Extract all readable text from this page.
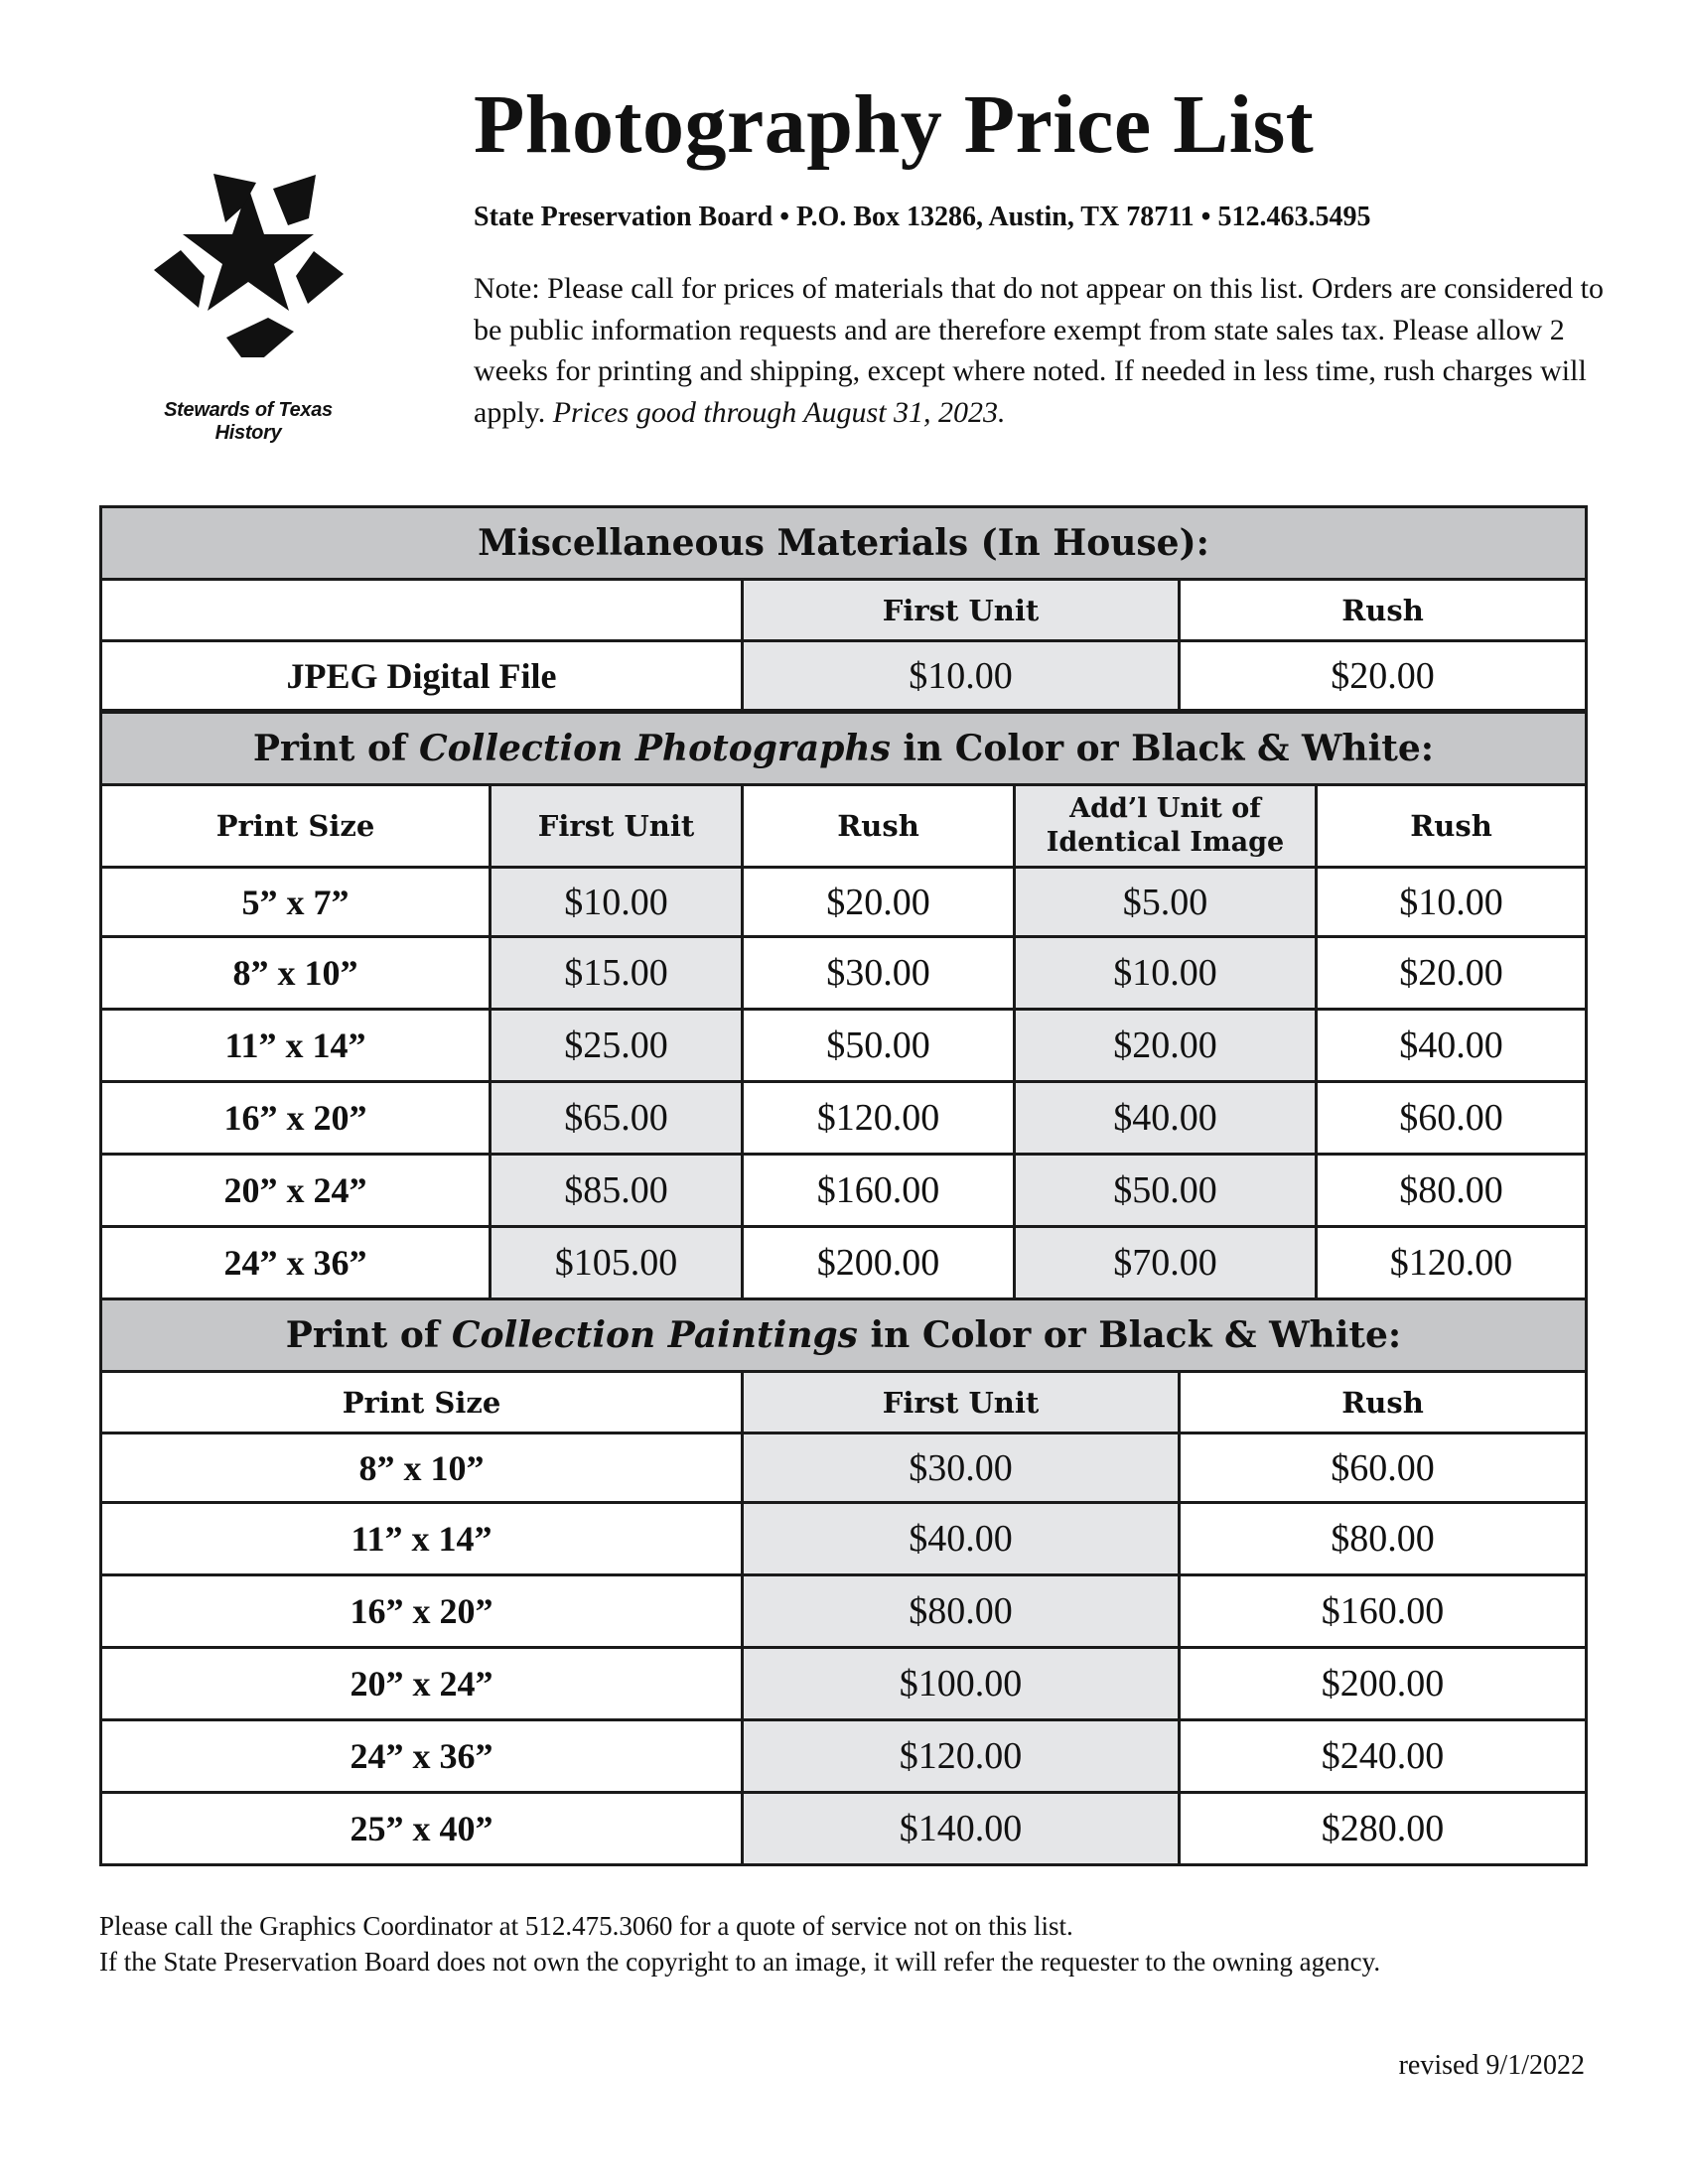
Stewards of Texas History
Photography Price List
State Preservation Board • P.O. Box 13286, Austin, TX 78711 • 512.463.5495

Note: Please call for prices of materials that do not appear on this list. Orders are considered to be public information requests and are therefore exempt from state sales tax. Please allow 2 weeks for printing and shipping, except where noted. If needed in less time, rush charges will apply. Prices good through August 31, 2023.

Miscellaneous Materials (In House):					
		First Unit		Rush	
JPEG Digital File		$10.00		$20.00	
Print of Collection Photographs in Color or Black & White:					
Print Size	First Unit	Rush	Add’l Unit of Identical Image		Rush
5” x 7”	$10.00	$20.00	$5.00		$10.00
8” x 10”	$15.00	$30.00	$10.00		$20.00
11” x 14”	$25.00	$50.00	$20.00		$40.00
16” x 20”	$65.00	$120.00	$40.00		$60.00
20” x 24”	$85.00	$160.00	$50.00		$80.00
24” x 36”	$105.00	$200.00	$70.00		$120.00
Print of Collection Paintings in Color or Black & White:					
Print Size		First Unit		Rush	
8” x 10”		$30.00		$60.00	
11” x 14”		$40.00		$80.00	
16” x 20”		$80.00		$160.00	
20” x 24”		$100.00		$200.00	
24” x 36”		$120.00		$240.00	
25” x 40”		$140.00		$280.00	
Please call the Graphics Coordinator at 512.475.3060 for a quote of service not on this list.
If the State Preservation Board does not own the copyright to an image, it will refer the requester to the owning agency.
revised 9/1/2022
